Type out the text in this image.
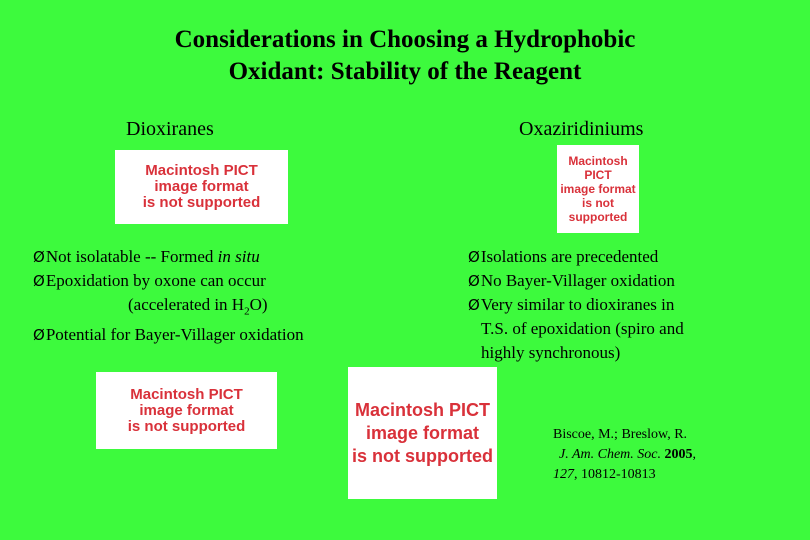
Considerations in Choosing a Hydrophobic
Oxidant: Stability of the Reagent
Dioxiranes	Oxaziridiniums
Macintosh PICT
image format
is not supported
Macintosh PICT
image format
is not supported
ØNot isolatable -- Formed in situ
ØEpoxidation by oxone can occur
(accelerated in $H_2O$)
ØPotential for Bayer-Villager oxidation
ØIsolations are precedented
ØNo Bayer-Villager oxidation
ØVery similar to dioxiranes in
T.S. of epoxidation (spiro and
highly synchronous)
Macintosh PICT
image format
is not supported
Macintosh PICT
image format
is not supported
Biscoe, M.; Breslow, R.
J. Am. Chem. Soc. 2005,
127, 10812-10813
